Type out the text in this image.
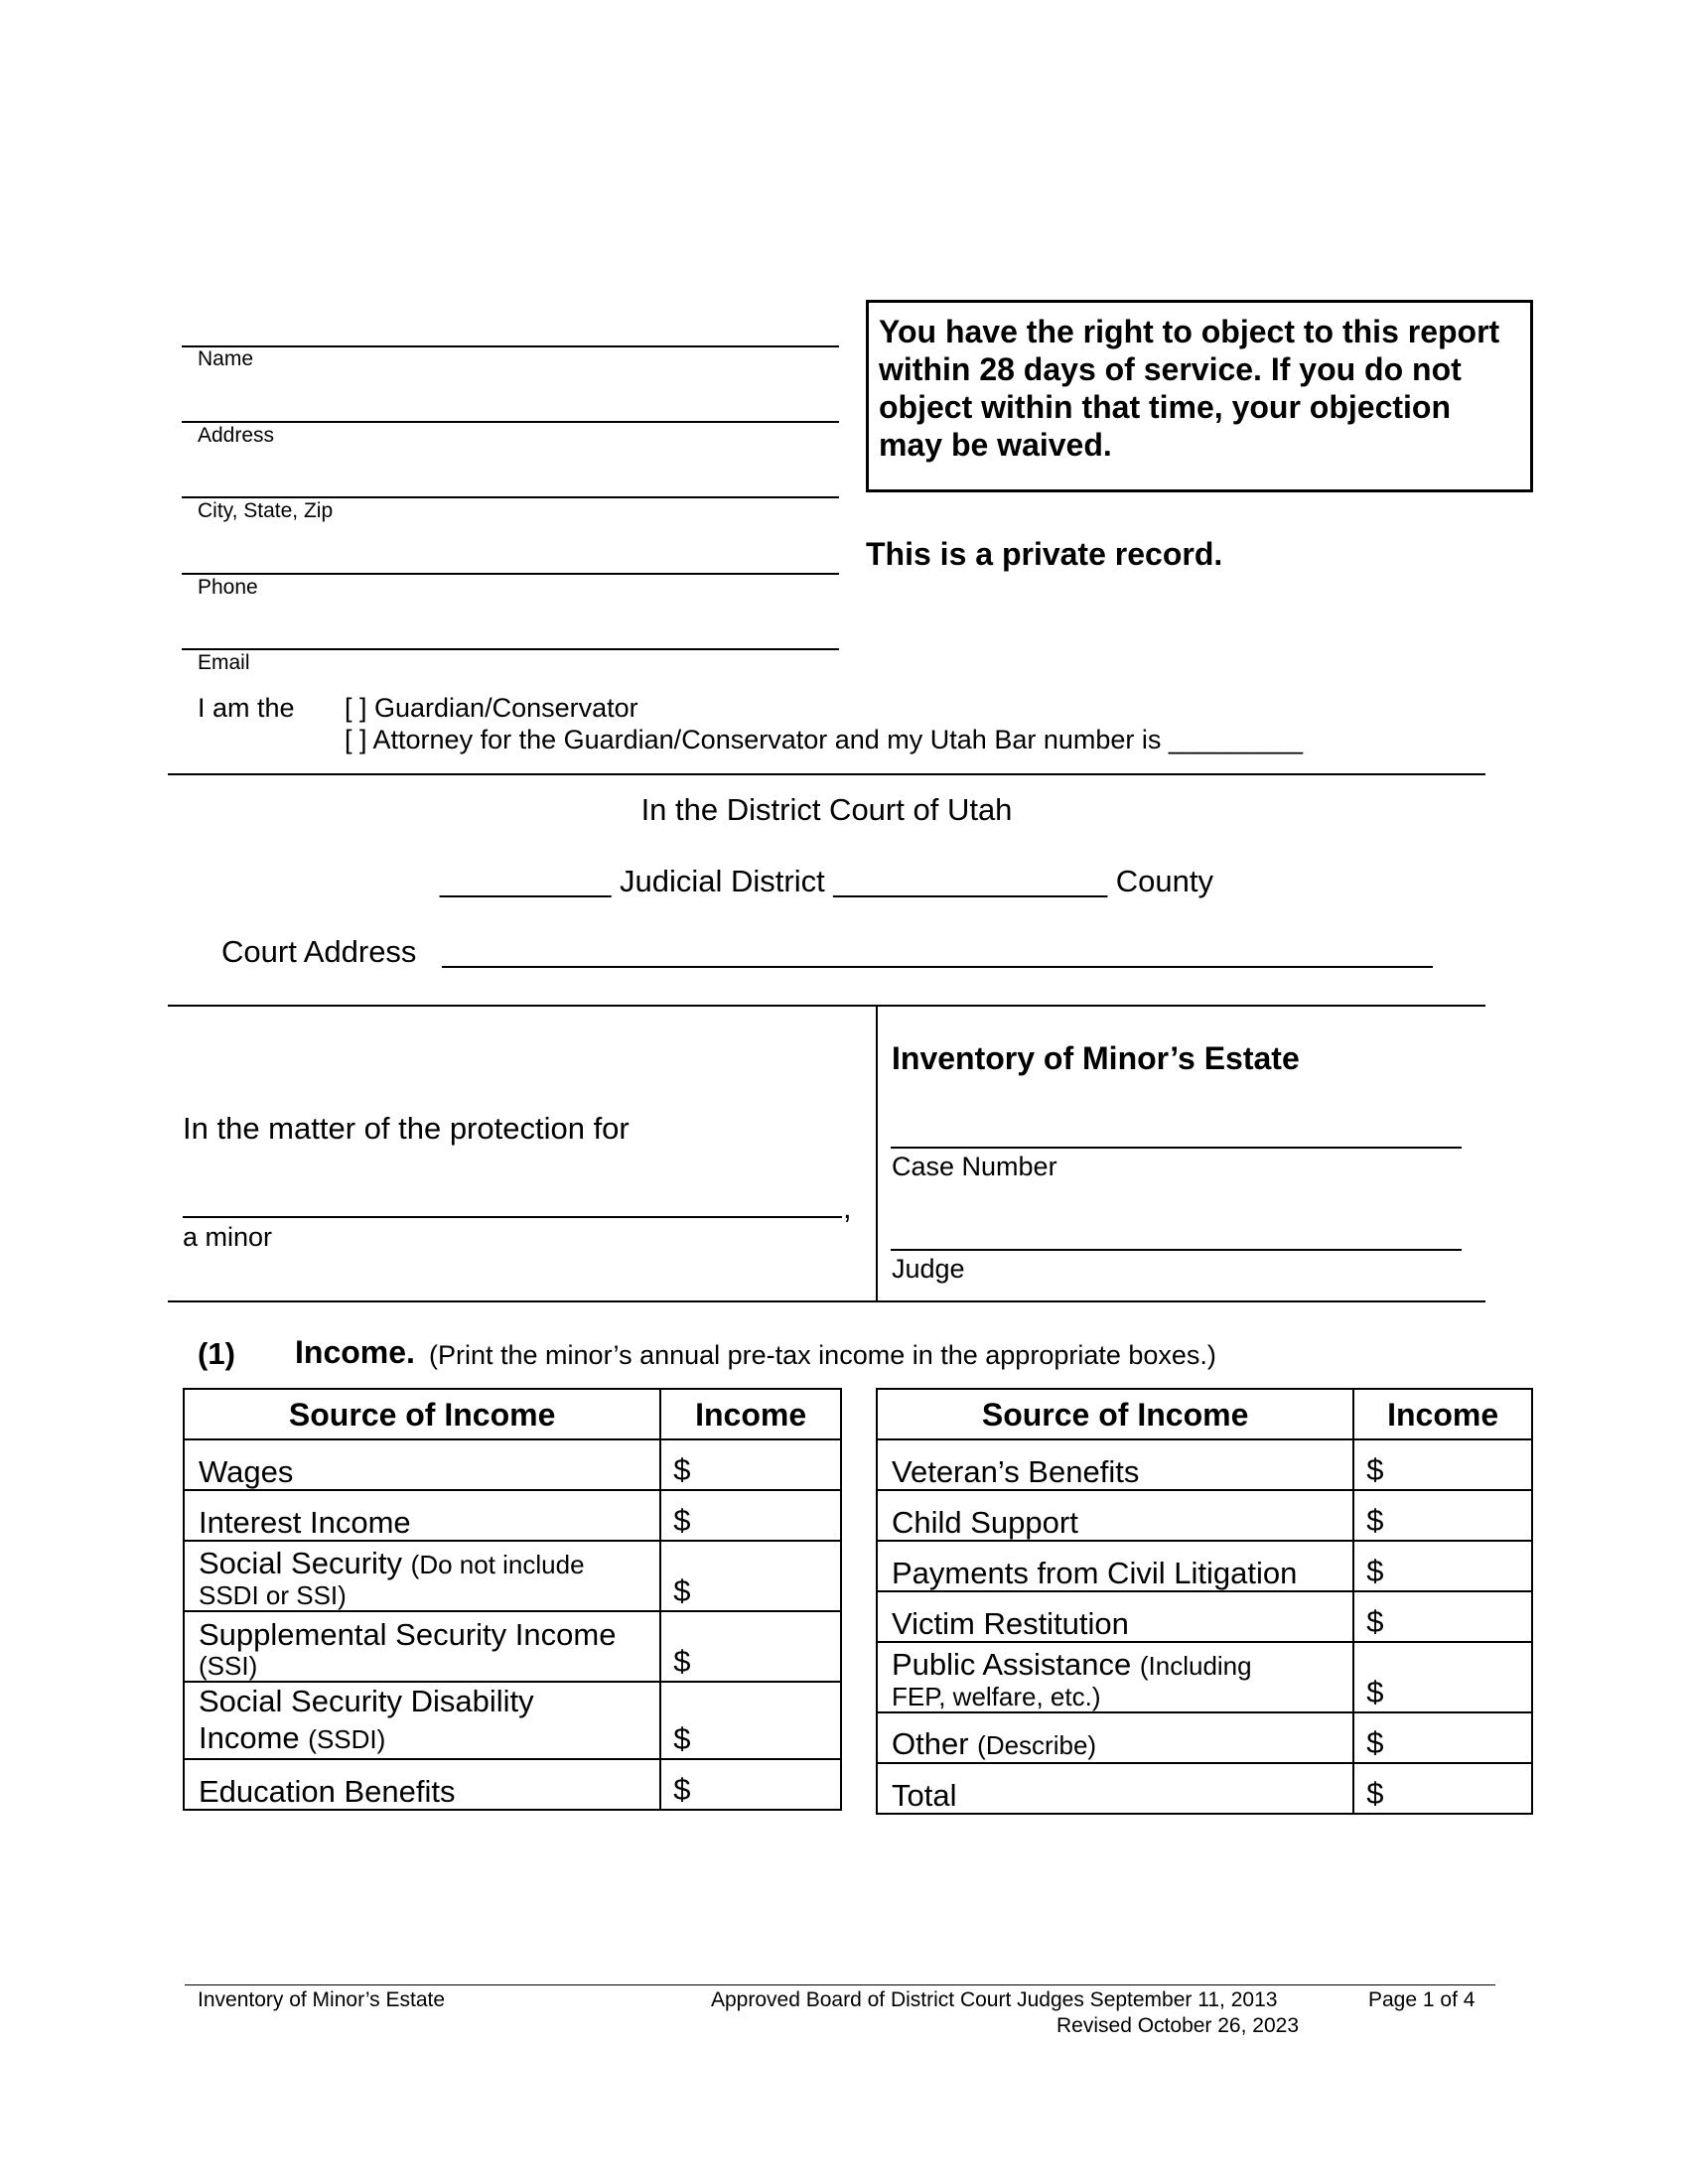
Name
Address
City, State, Zip
Phone
Email
You have the right to object to this report within 28 days of service. If you do not object within that time, your objection may be waived.
This is a private record.
I am the [ ] Guardian/Conservator
[ ] Attorney for the Guardian/Conservator and my Utah Bar number is _________
In the District Court of Utah
__________ Judicial District ________________ County
Court Address
In the matter of the protection for
,
a minor
Inventory of Minor’s Estate
Case Number
Judge
(1) Income. (Print the minor’s annual pre-tax income in the appropriate boxes.)
Source of Income	Income
Wages	$
Interest Income	$
Social Security (Do not include
SSDI or SSI)	$
Supplemental Security Income
(SSI)	$
Social Security Disability
Income (SSDI)	$
Education Benefits	$
Source of Income	Income
Veteran’s Benefits	$
Child Support	$
Payments from Civil Litigation	$
Victim Restitution	$
Public Assistance (Including
FEP, welfare, etc.)	$
Other (Describe)	$
Total	$
Inventory of Minor’s Estate	Approved Board of District Court Judges September 11, 2013
Revised October 26, 2023
Page 1 of 4
